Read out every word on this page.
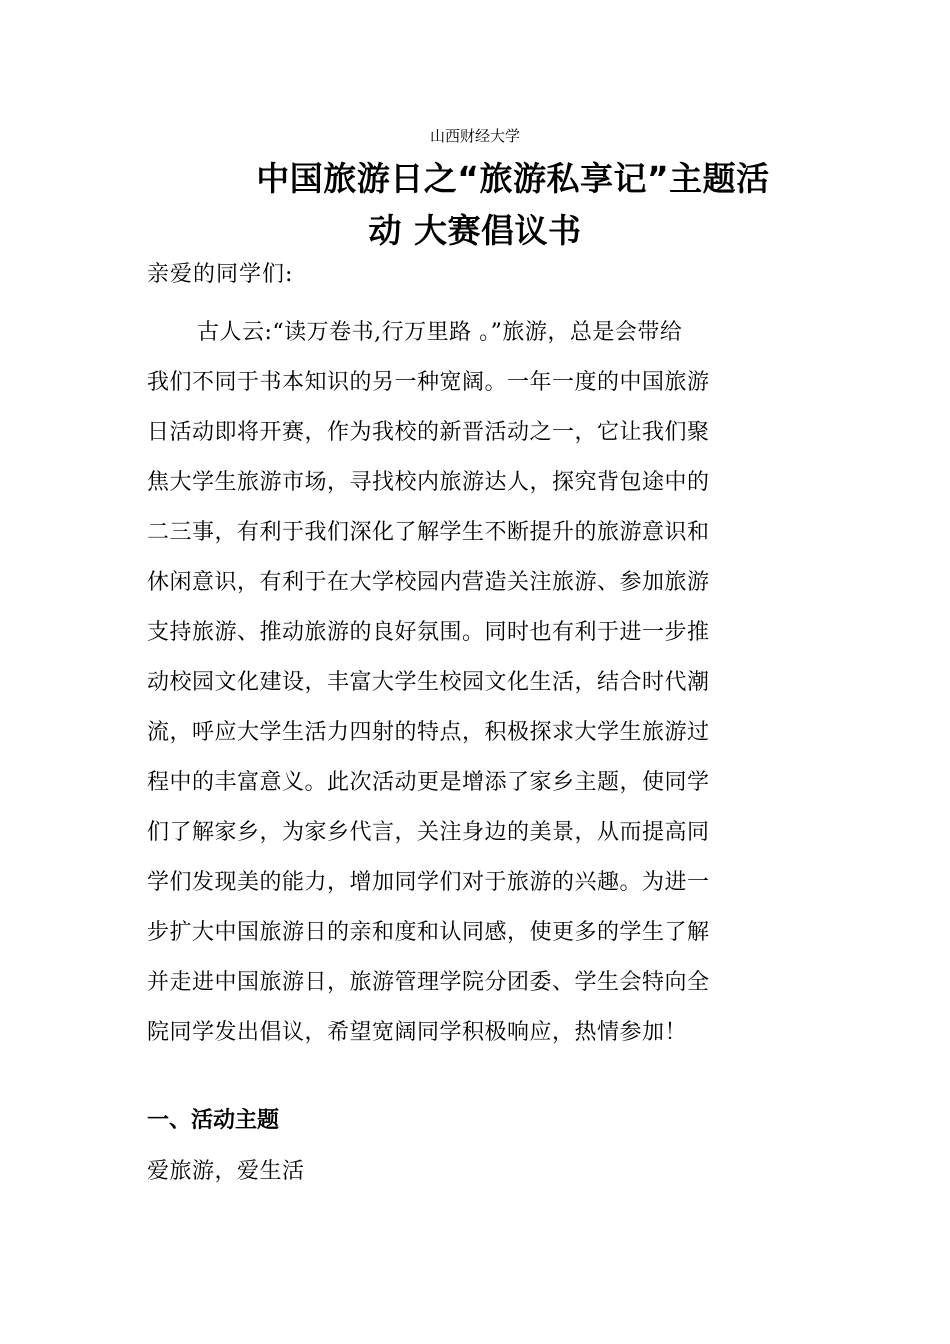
山西财经大学
中国旅游日之“旅游私享记”主题活
动 大赛倡议书
亲爱的同学们:
古人云:“读万卷书,行万里路 。”旅游，总是会带给
我们不同于书本知识的另一种宽阔。一年一度的中国旅游
日活动即将开赛，作为我校的新晋活动之一，它让我们聚
焦大学生旅游市场，寻找校内旅游达人，探究背包途中的
二三事，有利于我们深化了解学生不断提升的旅游意识和
休闲意识，有利于在大学校园内营造关注旅游、参加旅游
支持旅游、推动旅游的良好氛围。同时也有利于进一步推
动校园文化建设，丰富大学生校园文化生活，结合时代潮
流，呼应大学生活力四射的特点，积极探求大学生旅游过
程中的丰富意义。此次活动更是增添了家乡主题，使同学
们了解家乡，为家乡代言，关注身边的美景，从而提高同
学们发现美的能力，增加同学们对于旅游的兴趣。为进一
步扩大中国旅游日的亲和度和认同感，使更多的学生了解
并走进中国旅游日，旅游管理学院分团委、学生会特向全
院同学发出倡议，希望宽阔同学积极响应，热情参加！
一、活动主题
爱旅游，爱生活
